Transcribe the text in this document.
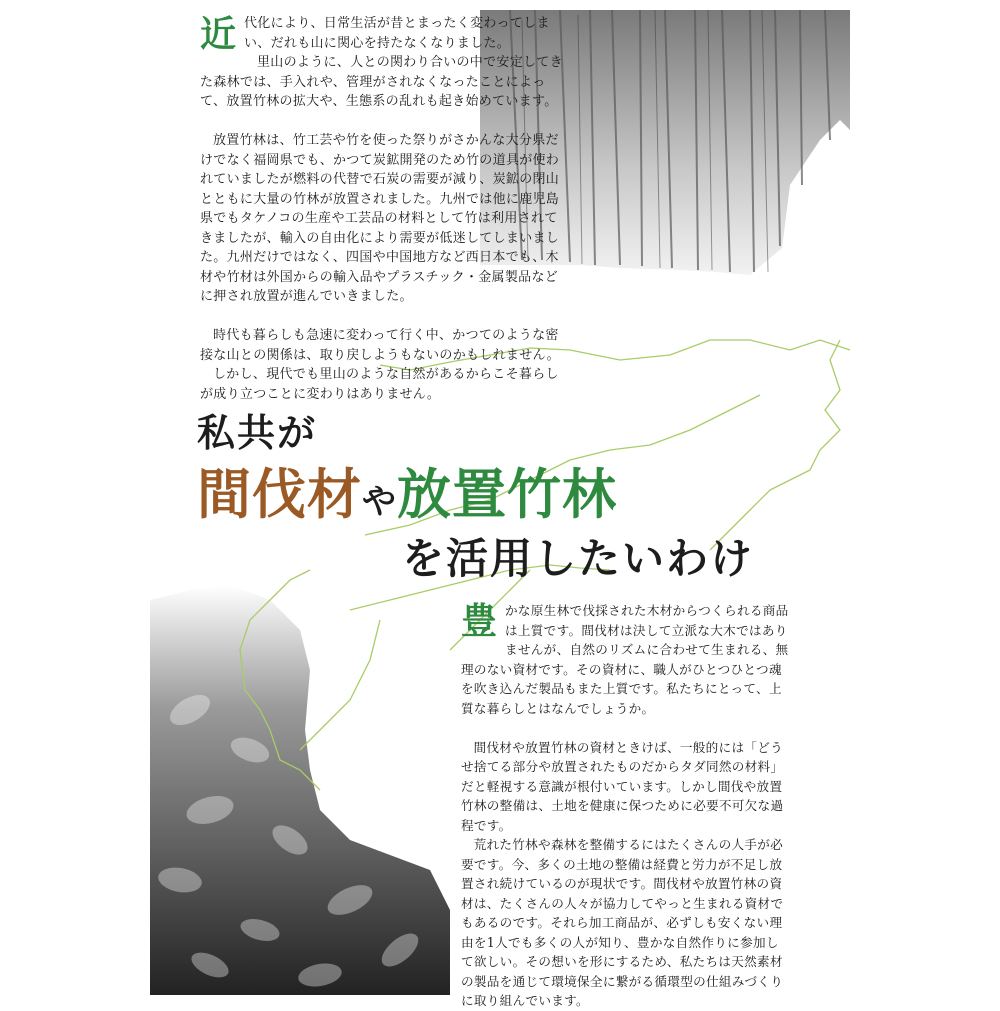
近 代化により、日常生活が昔とまったく変わってしまい、だれも山に関心を持たなくなりました。

里山のように、人との関わり合いの中で安定してきた森林では、手入れや、管理がされなくなったことによって、放置竹林の拡大や、生態系の乱れも起き始めています。

放置竹林は、竹工芸や竹を使った祭りがさかんな大分県だけでなく福岡県でも、かつて炭鉱開発のため竹の道具が使われていましたが燃料の代替で石炭の需要が減り、炭鉱の閉山とともに大量の竹林が放置されました。九州では他に鹿児島県でもタケノコの生産や工芸品の材料として竹は利用されてきましたが、輸入の自由化により需要が低迷してしまいました。九州だけではなく、四国や中国地方など西日本でも、木材や竹材は外国からの輸入品やプラスチック・金属製品などに押され放置が進んでいきました。

時代も暮らしも急速に変わって行く中、かつてのような密接な山との関係は、取り戻しようもないのかもしれません。

しかし、現代でも里山のような自然があるからこそ暮らしが成り立つことに変わりはありません。

私共が
間伐材や放置竹林
を活用したいわけ
豊 かな原生林で伐採された木材からつくられる商品は上質です。間伐材は決して立派な大木ではありませんが、自然のリズムに合わせて生まれる、無理のない資材です。その資材に、職人がひとつひとつ魂を吹き込んだ製品もまた上質です。私たちにとって、上質な暮らしとはなんでしょうか。

間伐材や放置竹林の資材ときけば、一般的には「どうせ捨てる部分や放置されたものだからタダ同然の材料」だと軽視する意識が根付いています。しかし間伐や放置竹林の整備は、土地を健康に保つために必要不可欠な過程です。

荒れた竹林や森林を整備するにはたくさんの人手が必要です。今、多くの土地の整備は経費と労力が不足し放置され続けているのが現状です。間伐材や放置竹林の資材は、たくさんの人々が協力してやっと生まれる資材でもあるのです。それら加工商品が、必ずしも安くない理由を1人でも多くの人が知り、豊かな自然作りに参加して欲しい。その想いを形にするため、私たちは天然素材の製品を通じて環境保全に繋がる循環型の仕組みづくりに取り組んでいます。
